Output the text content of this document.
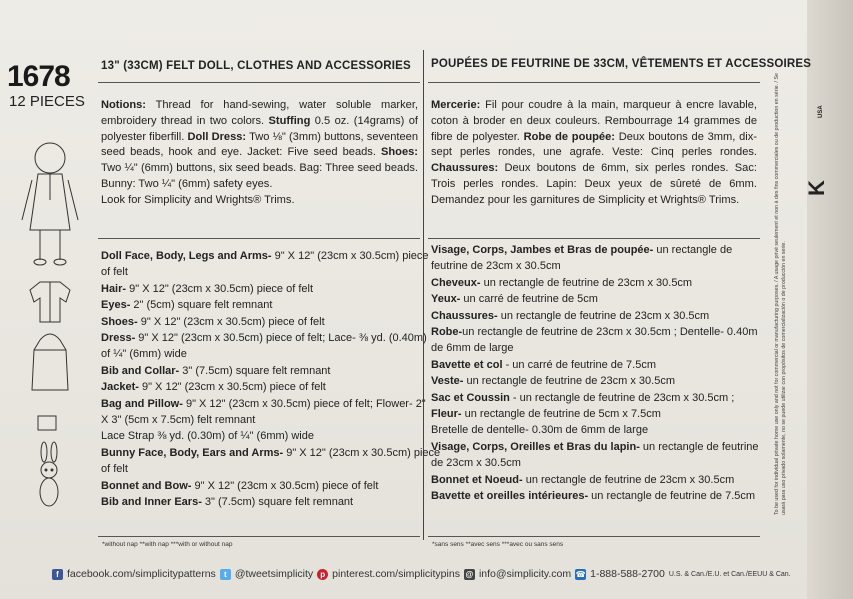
1678
12 PIECES
13" (33CM) FELT DOLL, CLOTHES AND ACCESSORIES POUPÉES DE FEUTRINE DE 33CM, VÊTEMENTS ET ACCESSOIRES
Notions: Thread for hand-sewing, water soluble marker, embroidery thread in two colors. Stuffing 0.5 oz. (14grams) of polyester fiberfill. Doll Dress: Two ⅛" (3mm) buttons, seventeen seed beads, hook and eye. Jacket: Five seed beads. Shoes: Two ¼" (6mm) buttons, six seed beads. Bag: Three seed beads. Bunny: Two ¼" (6mm) safety eyes.
Look for Simplicity and Wrights® Trims.
Mercerie: Fil pour coudre à la main, marqueur à encre lavable, coton à broder en deux couleurs. Rembourrage 14 grammes de fibre de polyester. Robe de poupée: Deux boutons de 3mm, dix-sept perles rondes, une agrafe. Veste: Cinq perles rondes. Chaussures: Deux boutons de 6mm, six perles rondes. Sac: Trois perles rondes. Lapin: Deux yeux de sûreté de 6mm. Demandez pour les garnitures de Simplicity et Wrights® Trims.
Doll Face, Body, Legs and Arms- 9" X 12" (23cm x 30.5cm) piece
of felt
Hair- 9" X 12" (23cm x 30.5cm) piece of felt
Eyes- 2" (5cm) square felt remnant
Shoes- 9" X 12" (23cm x 30.5cm) piece of felt
Dress- 9" X 12" (23cm x 30.5cm) piece of felt; Lace- ⅜ yd. (0.40m)
of ¼" (6mm) wide
Bib and Collar- 3" (7.5cm) square felt remnant
Jacket- 9" X 12" (23cm x 30.5cm) piece of felt
Bag and Pillow- 9" X 12" (23cm x 30.5cm) piece of felt; Flower- 2"
X 3" (5cm x 7.5cm) felt remnant
Lace Strap ⅜ yd. (0.30m) of ¼" (6mm) wide
Bunny Face, Body, Ears and Arms- 9" X 12" (23cm x 30.5cm) piece
of felt
Bonnet and Bow- 9" X 12" (23cm x 30.5cm) piece of felt
Bib and Inner Ears- 3" (7.5cm) square felt remnant
Visage, Corps, Jambes et Bras de poupée- un rectangle de
feutrine de 23cm x 30.5cm
Cheveux- un rectangle de feutrine de 23cm x 30.5cm
Yeux- un carré de feutrine de 5cm
Chaussures- un rectangle de feutrine de 23cm x 30.5cm
Robe-un rectangle de feutrine de 23cm x 30.5cm ; Dentelle- 0.40m
de 6mm de large
Bavette et col - un carré de feutrine de 7.5cm
Veste- un rectangle de feutrine de 23cm x 30.5cm
Sac et Coussin - un rectangle de feutrine de 23cm x 30.5cm ;
Fleur- un rectangle de feutrine de 5cm x 7.5cm
Bretelle de dentelle- 0.30m de 6mm de large
Visage, Corps, Oreilles et Bras du lapin- un rectangle de feutrine
de 23cm x 30.5cm
Bonnet et Noeud- un rectangle de feutrine de 23cm x 30.5cm
Bavette et oreilles intérieures- un rectangle de feutrine de 7.5cm
*without nap **with nap ***with or without nap	*sans sens **avec sens ***avec ou sans sens
f facebook.com/simplicitypatterns	t @tweetsimplicity p pinterest.com/simplicitypins @ info@simplicity.com ☎ 1-888-588-2700 U.S. & Can./E.U. et Can./EEUU & Can.

To be used for individual private home use only and not for commercial or manufacturing purposes. / A usage privé seulement et non à des fins commerciales ou de production en série. / Se usará para uso privado solamente, no se puede utilizar con propósitos de comercialización o de producción en serie.

K
USA
